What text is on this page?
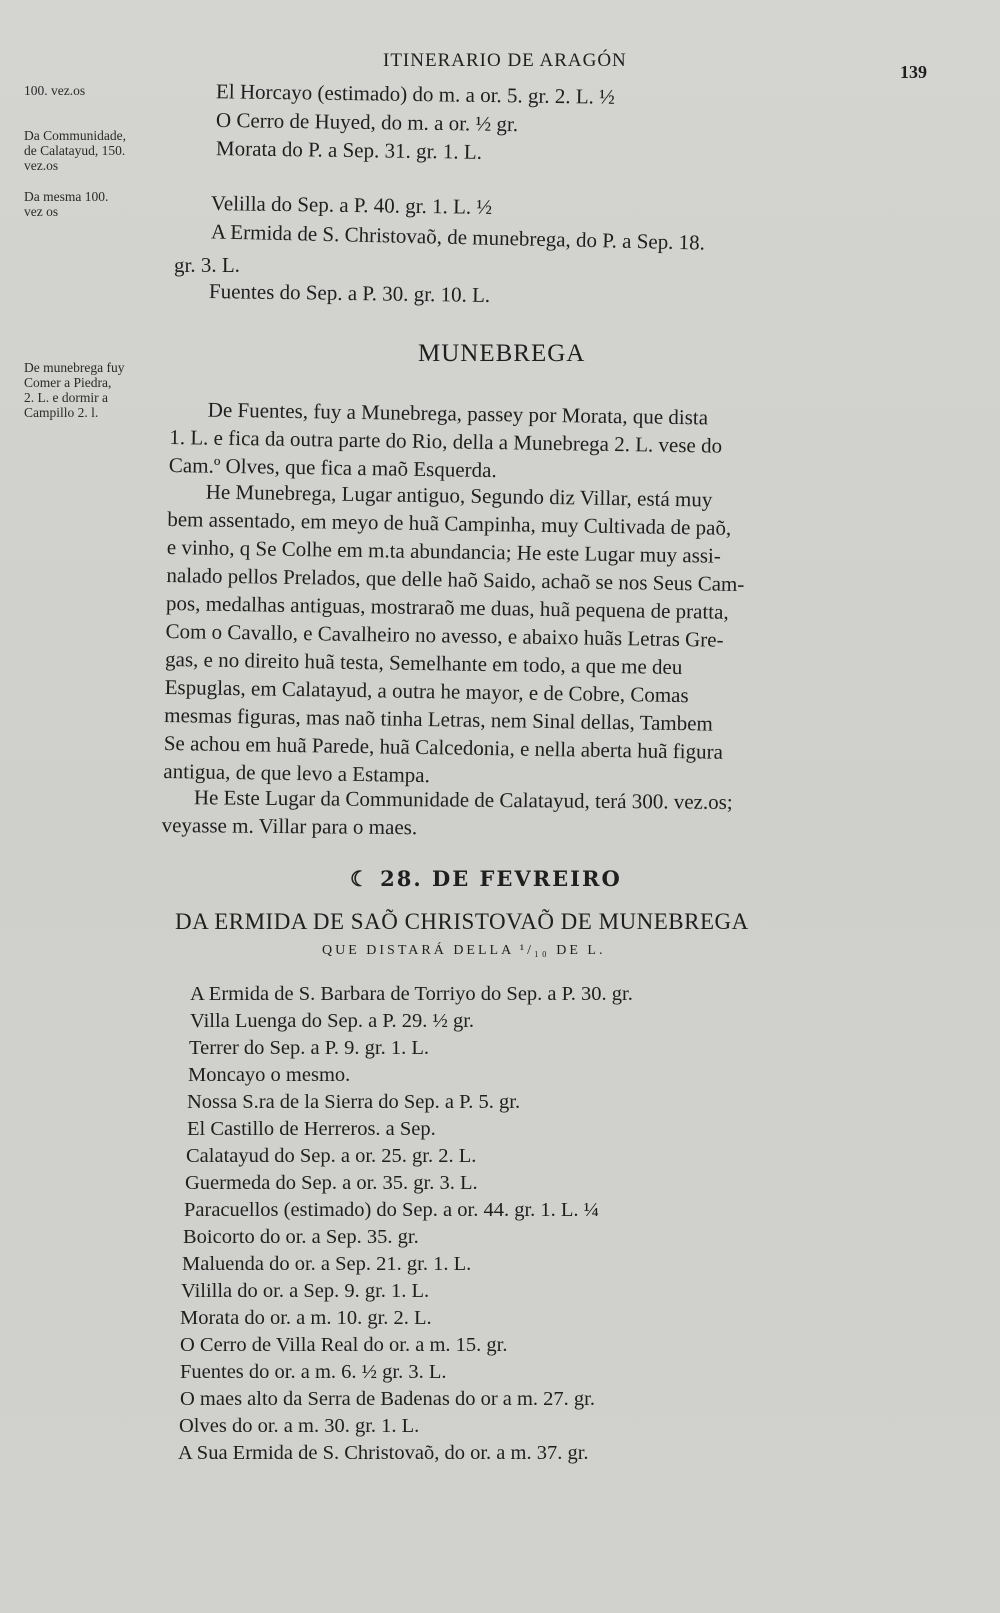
ITINERARIO DE ARAGÓN
139
100. vez.os
Da Communidade,
de Calatayud, 150.
vez.os
Da mesma 100.
vez os
De munebrega fuy
Comer a Piedra,
2. L. e dormir a
Campillo 2. l.
El Horcayo (estimado) do m. a or. 5. gr. 2. L. ½
O Cerro de Huyed, do m. a or. ½ gr.
Morata do P. a Sep. 31. gr. 1. L.
Velilla do Sep. a P. 40. gr. 1. L. ½
A Ermida de S. Christovaõ, de munebrega, do P. a Sep. 18.
gr. 3. L.
Fuentes do Sep. a P. 30. gr. 10. L.
MUNEBREGA
De Fuentes, fuy a Munebrega, passey por Morata, que dista
1. L. e fica da outra parte do Rio, della a Munebrega 2. L. vese do
Cam.º Olves, que fica a maõ Esquerda.
He Munebrega, Lugar antiguo, Segundo diz Villar, está muy
bem assentado, em meyo de huã Campinha, muy Cultivada de paõ,
e vinho, q Se Colhe em m.ta abundancia; He este Lugar muy assi-
nalado pellos Prelados, que delle haõ Saido, achaõ se nos Seus Cam-
pos, medalhas antiguas, mostraraõ me duas, huã pequena de pratta,
Com o Cavallo, e Cavalheiro no avesso, e abaixo huãs Letras Gre-
gas, e no direito huã testa, Semelhante em todo, a que me deu
Espuglas, em Calatayud, a outra he mayor, e de Cobre, Comas
mesmas figuras, mas naõ tinha Letras, nem Sinal dellas, Tambem
Se achou em huã Parede, huã Calcedonia, e nella aberta huã figura
antigua, de que levo a Estampa.
He Este Lugar da Communidade de Calatayud, terá 300. vez.os;
veyasse m. Villar para o maes.
☾ 28. DE FEVREIRO
DA ERMIDA DE SAÕ CHRISTOVAÕ DE MUNEBREGA
QUE DISTARÁ DELLA ¹/₁₀ DE L.
A Ermida de S. Barbara de Torriyo do Sep. a P. 30. gr.
Villa Luenga do Sep. a P. 29. ½ gr.
Terrer do Sep. a P. 9. gr. 1. L.
Moncayo o mesmo.
Nossa S.ra de la Sierra do Sep. a P. 5. gr.
El Castillo de Herreros. a Sep.
Calatayud do Sep. a or. 25. gr. 2. L.
Guermeda do Sep. a or. 35. gr. 3. L.
Paracuellos (estimado) do Sep. a or. 44. gr. 1. L. ¼
Boicorto do or. a Sep. 35. gr.
Maluenda do or. a Sep. 21. gr. 1. L.
Vililla do or. a Sep. 9. gr. 1. L.
Morata do or. a m. 10. gr. 2. L.
O Cerro de Villa Real do or. a m. 15. gr.
Fuentes do or. a m. 6. ½ gr. 3. L.
O maes alto da Serra de Badenas do or a m. 27. gr.
Olves do or. a m. 30. gr. 1. L.
A Sua Ermida de S. Christovaõ, do or. a m. 37. gr.
